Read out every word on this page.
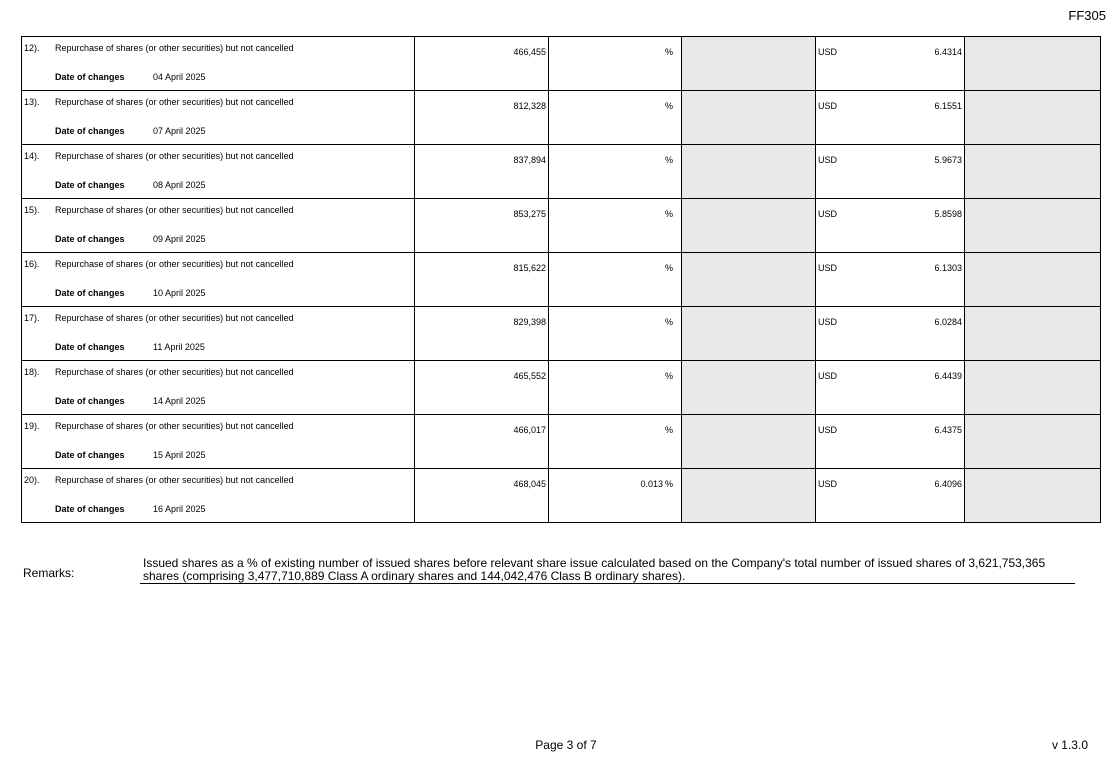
FF305
12). Repurchase of shares (or other securities) but not cancelled
Date of changes 04 April 2025	466,455	%		USD 6.4314	

13). Repurchase of shares (or other securities) but not cancelled
Date of changes 07 April 2025	812,328	%		USD 6.1551	

14). Repurchase of shares (or other securities) but not cancelled
Date of changes 08 April 2025	837,894	%		USD 5.9673	

15). Repurchase of shares (or other securities) but not cancelled
Date of changes 09 April 2025	853,275	%		USD 5.8598	

16). Repurchase of shares (or other securities) but not cancelled
Date of changes 10 April 2025	815,622	%		USD 6.1303	

17). Repurchase of shares (or other securities) but not cancelled
Date of changes 11 April 2025	829,398	%		USD 6.0284	

18). Repurchase of shares (or other securities) but not cancelled
Date of changes 14 April 2025	465,552	%		USD 6.4439	

19). Repurchase of shares (or other securities) but not cancelled
Date of changes 15 April 2025	466,017	%		USD 6.4375	

20). Repurchase of shares (or other securities) but not cancelled
Date of changes 16 April 2025	468,045	0.013 %		USD 6.4096	

Remarks:
Issued shares as a % of existing number of issued shares before relevant share issue calculated based on the Company's total number of issued shares of 3,621,753,365 shares (comprising 3,477,710,889 Class A ordinary shares and 144,042,476 Class B ordinary shares).
Page 3 of 7	v 1.3.0
